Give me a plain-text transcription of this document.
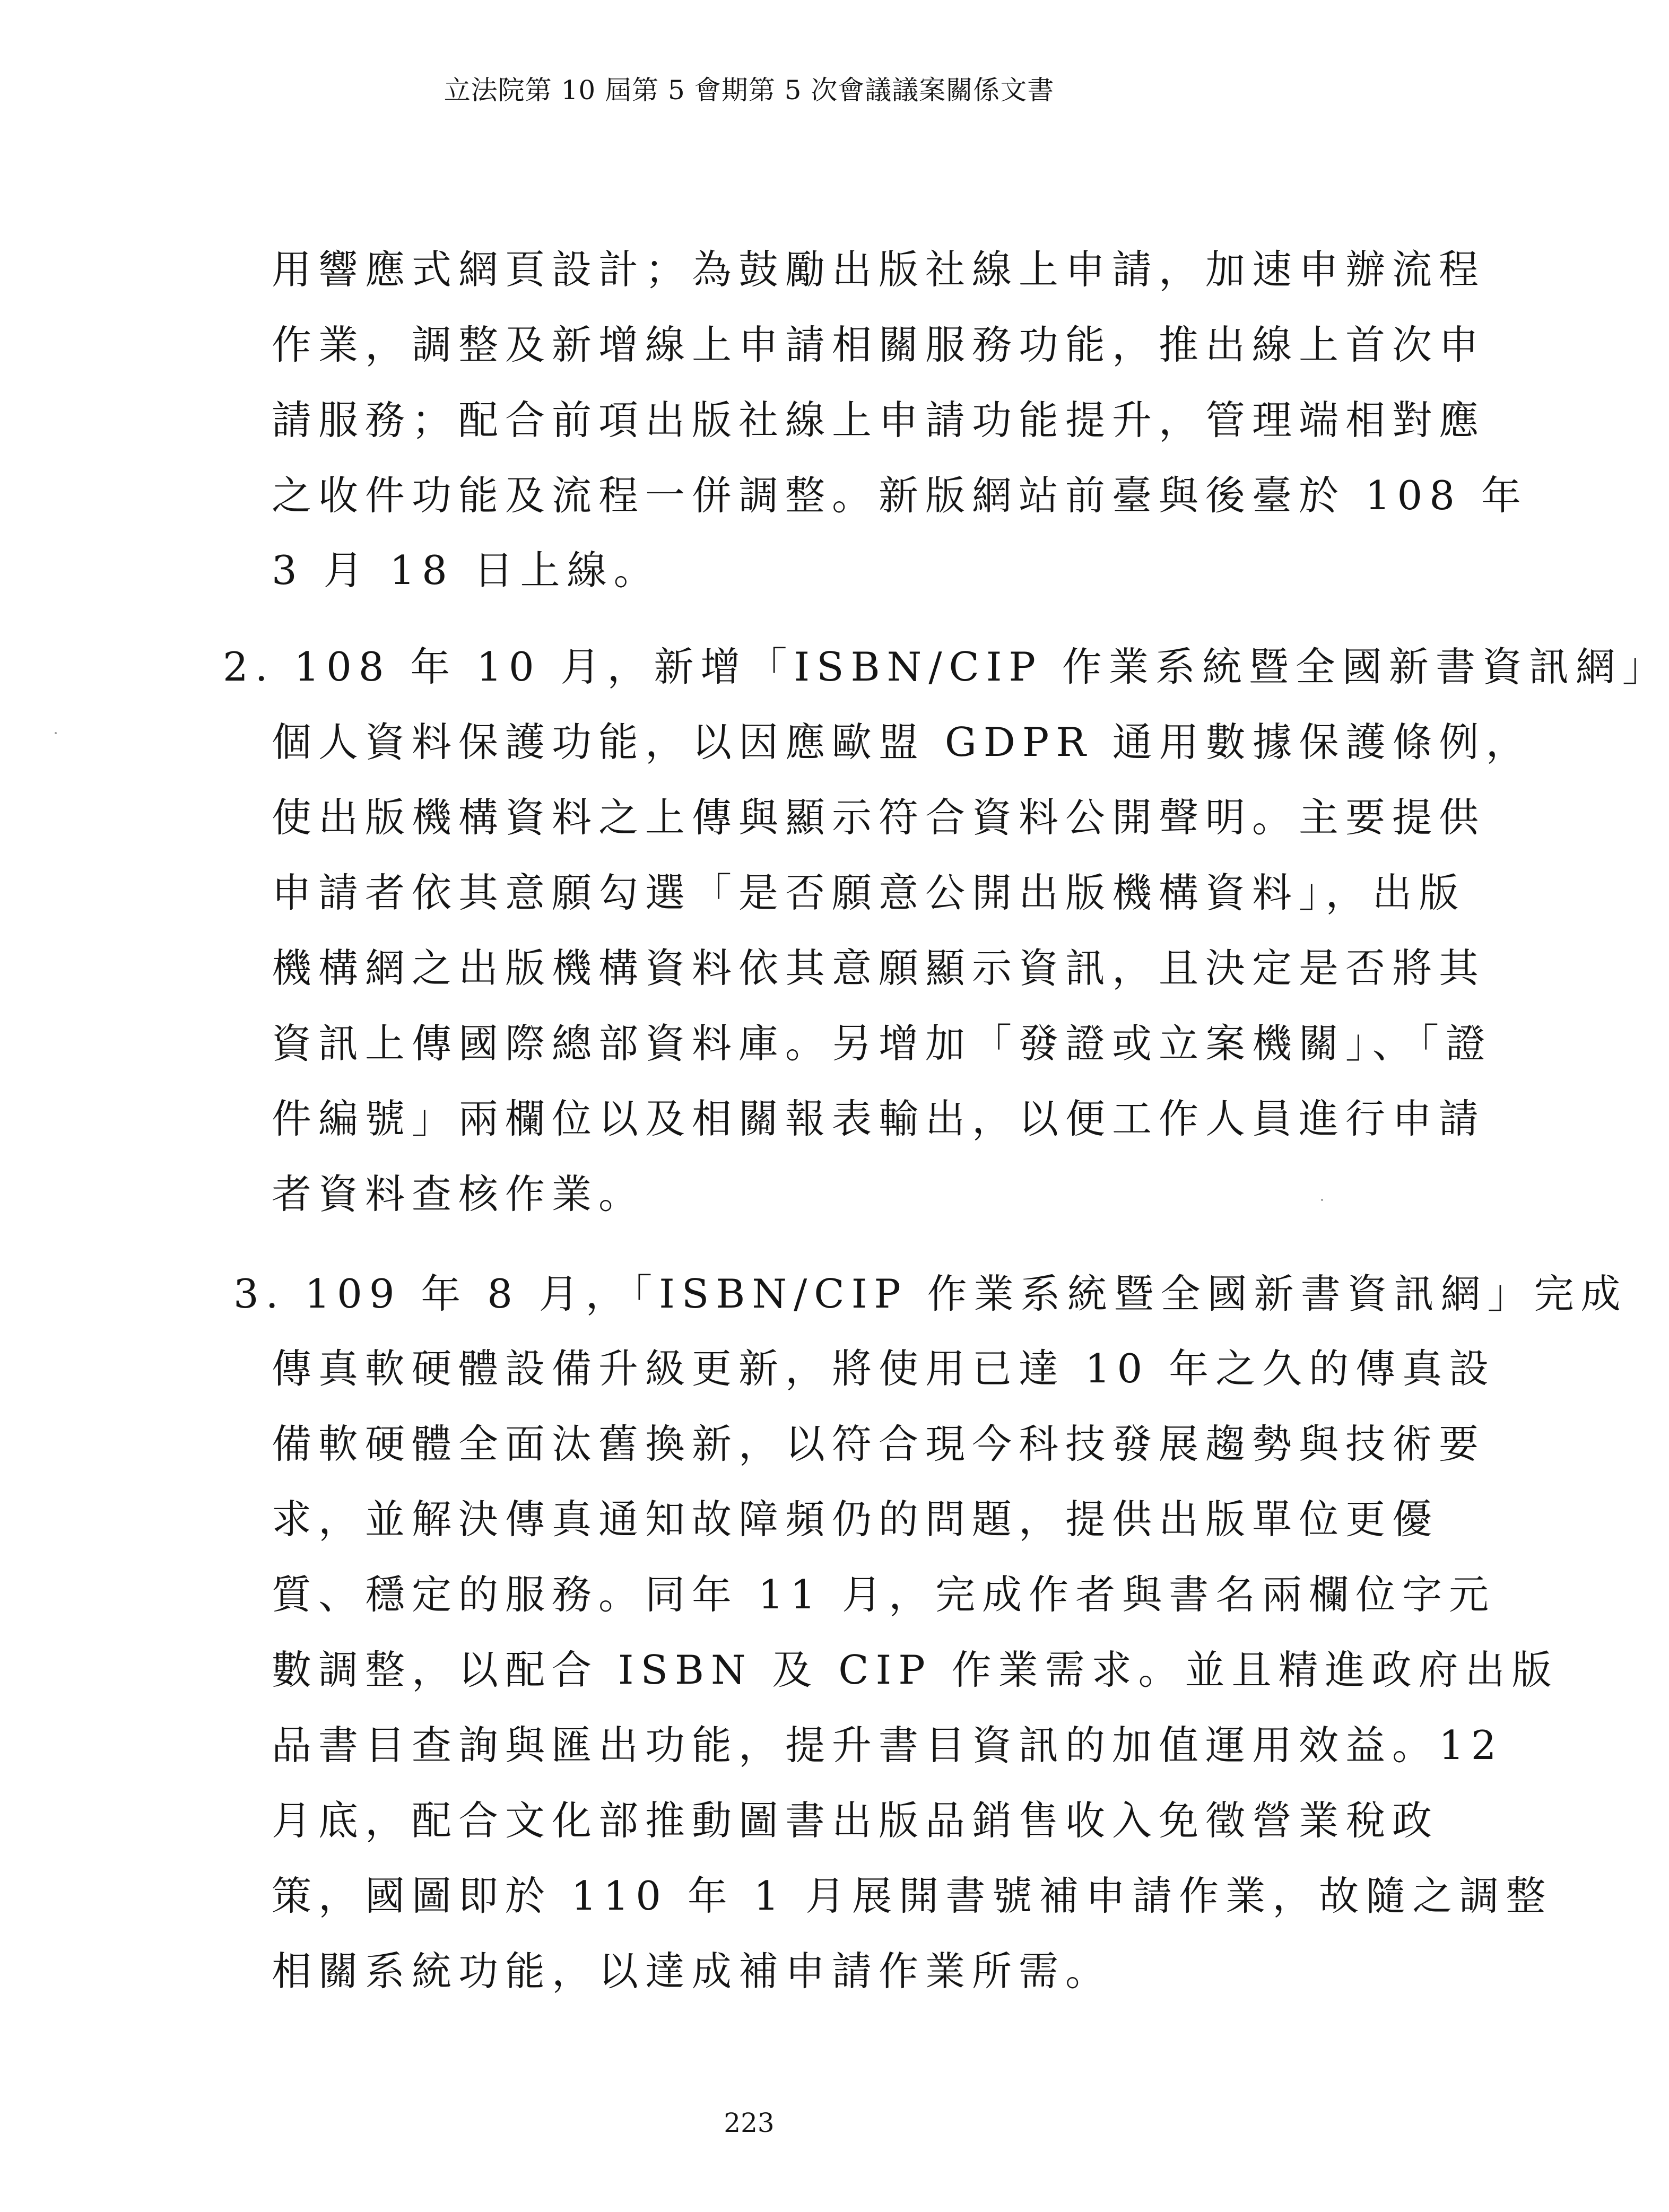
立法院第 10 屆第 5 會期第 5 次會議議案關係文書
用響應式網頁設計；為鼓勵出版社線上申請，加速申辦流程
作業，調整及新增線上申請相關服務功能，推出線上首次申
請服務；配合前項出版社線上申請功能提升，管理端相對應
之收件功能及流程一併調整。新版網站前臺與後臺於 108 年
3 月 18 日上線。
2. 108 年 10 月，新增「ISBN/CIP 作業系統暨全國新書資訊網」
個人資料保護功能，以因應歐盟 GDPR 通用數據保護條例，
使出版機構資料之上傳與顯示符合資料公開聲明。主要提供
申請者依其意願勾選「是否願意公開出版機構資料」，出版
機構網之出版機構資料依其意願顯示資訊，且決定是否將其
資訊上傳國際總部資料庫。另增加「發證或立案機關」、「證
件編號」兩欄位以及相關報表輸出，以便工作人員進行申請
者資料查核作業。
3. 109 年 8 月，「ISBN/CIP 作業系統暨全國新書資訊網」完成
傳真軟硬體設備升級更新，將使用已達 10 年之久的傳真設
備軟硬體全面汰舊換新，以符合現今科技發展趨勢與技術要
求，並解決傳真通知故障頻仍的問題，提供出版單位更優
質、穩定的服務。同年 11 月，完成作者與書名兩欄位字元
數調整，以配合 ISBN 及 CIP 作業需求。並且精進政府出版
品書目查詢與匯出功能，提升書目資訊的加值運用效益。12
月底，配合文化部推動圖書出版品銷售收入免徵營業稅政
策，國圖即於 110 年 1 月展開書號補申請作業，故隨之調整
相關系統功能，以達成補申請作業所需。
223
